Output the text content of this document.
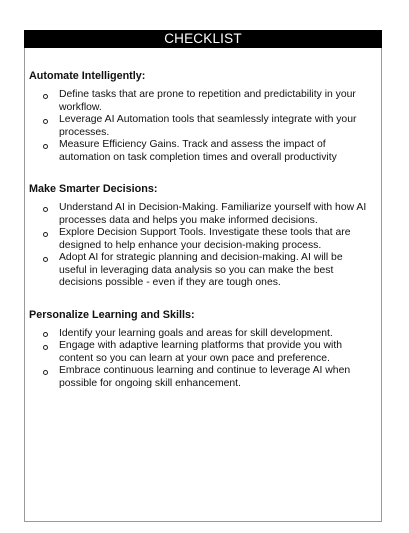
CHECKLIST
Automate Intelligently:
Define tasks that are prone to repetition and predictability in your workflow.
Leverage AI Automation tools that seamlessly integrate with your processes.
Measure Efficiency Gains. Track and assess the impact of automation on task completion times and overall productivity
Make Smarter Decisions:
Understand AI in Decision-Making. Familiarize yourself with how AI processes data and helps you make informed decisions.
Explore Decision Support Tools. Investigate these tools that are designed to help enhance your decision-making process.
Adopt AI for strategic planning and decision-making. AI will be useful in leveraging data analysis so you can make the best decisions possible - even if they are tough ones.
Personalize Learning and Skills:
Identify your learning goals and areas for skill development.
Engage with adaptive learning platforms that provide you with content so you can learn at your own pace and preference.
Embrace continuous learning and continue to leverage AI when possible for ongoing skill enhancement.
